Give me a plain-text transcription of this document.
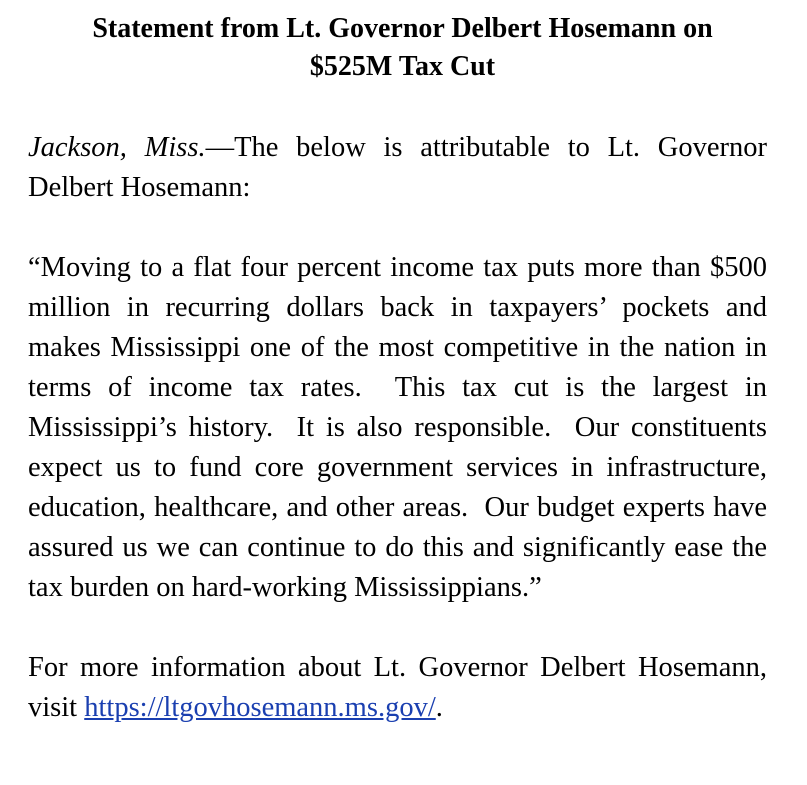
Statement from Lt. Governor Delbert Hosemann on $525M Tax Cut

Jackson, Miss.—The below is attributable to Lt. Governor Delbert Hosemann:

“Moving to a flat four percent income tax puts more than $500 million in recurring dollars back in taxpayers’ pockets and makes Mississippi one of the most competitive in the nation in terms of income tax rates.  This tax cut is the largest in Mississippi’s history.  It is also responsible.  Our constituents expect us to fund core government services in infrastructure, education, healthcare, and other areas.  Our budget experts have assured us we can continue to do this and significantly ease the tax burden on hard-working Mississippians.”

For more information about Lt. Governor Delbert Hosemann, visit https://ltgovhosemann.ms.gov/.
